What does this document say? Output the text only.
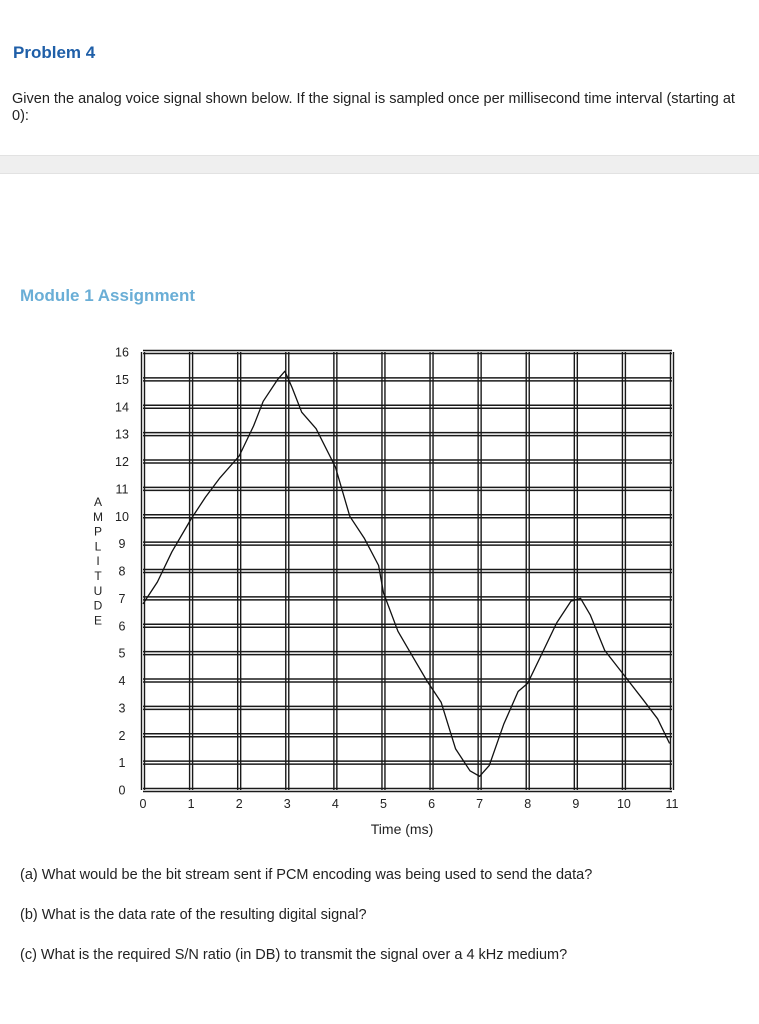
Problem 4
Given the analog voice signal shown below. If the signal is sampled once per millisecond time interval (starting at 0):
Module 1 Assignment
0
1
2
3
4
5
6
7
8
9
10
11
12
13
14
15
16
0	1	2	3	4	5	6	7	8	9	10	11
A
M
P
L
I
T
U
D
E
Time (ms)
(a) What would be the bit stream sent if PCM encoding was being used to send the data?
(b) What is the data rate of the resulting digital signal?
(c) What is the required S/N ratio (in DB) to transmit the signal over a 4 kHz medium?
